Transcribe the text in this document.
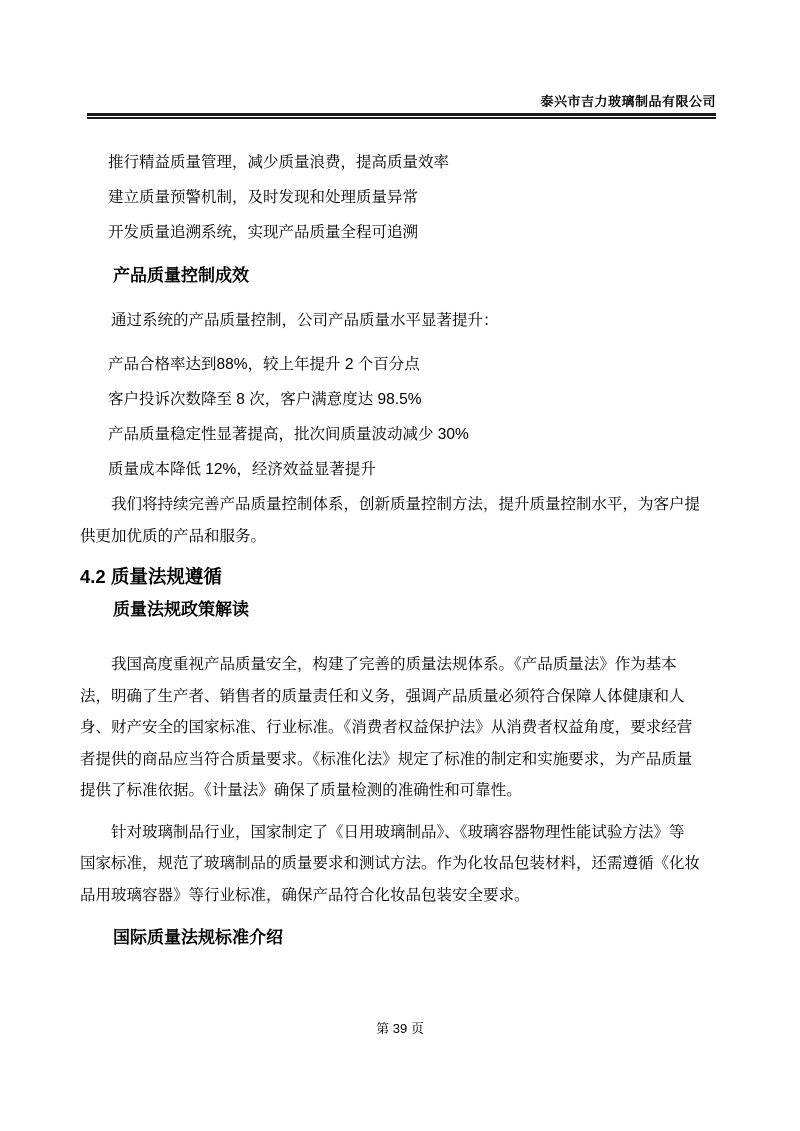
泰兴市吉力玻璃制品有限公司
推行精益质量管理，减少质量浪费，提高质量效率
建立质量预警机制，及时发现和处理质量异常
开发质量追溯系统，实现产品质量全程可追溯
产品质量控制成效
通过系统的产品质量控制，公司产品质量水平显著提升：
产品合格率达到88%，较上年提升 2 个百分点
客户投诉次数降至 8 次，客户满意度达 98.5%
产品质量稳定性显著提高，批次间质量波动减少 30%
质量成本降低 12%，经济效益显著提升
我们将持续完善产品质量控制体系，创新质量控制方法，提升质量控制水平，为客户提
供更加优质的产品和服务。
4.2 质量法规遵循
质量法规政策解读
我国高度重视产品质量安全，构建了完善的质量法规体系。《产品质量法》作为基本
法，明确了生产者、销售者的质量责任和义务，强调产品质量必须符合保障人体健康和人
身、财产安全的国家标准、行业标准。《消费者权益保护法》从消费者权益角度，要求经营
者提供的商品应当符合质量要求。《标准化法》规定了标准的制定和实施要求，为产品质量
提供了标准依据。《计量法》确保了质量检测的准确性和可靠性。
针对玻璃制品行业，国家制定了《日用玻璃制品》、《玻璃容器物理性能试验方法》等
国家标准，规范了玻璃制品的质量要求和测试方法。作为化妆品包装材料，还需遵循《化妆
品用玻璃容器》等行业标准，确保产品符合化妆品包装安全要求。
国际质量法规标准介绍
第 39 页
